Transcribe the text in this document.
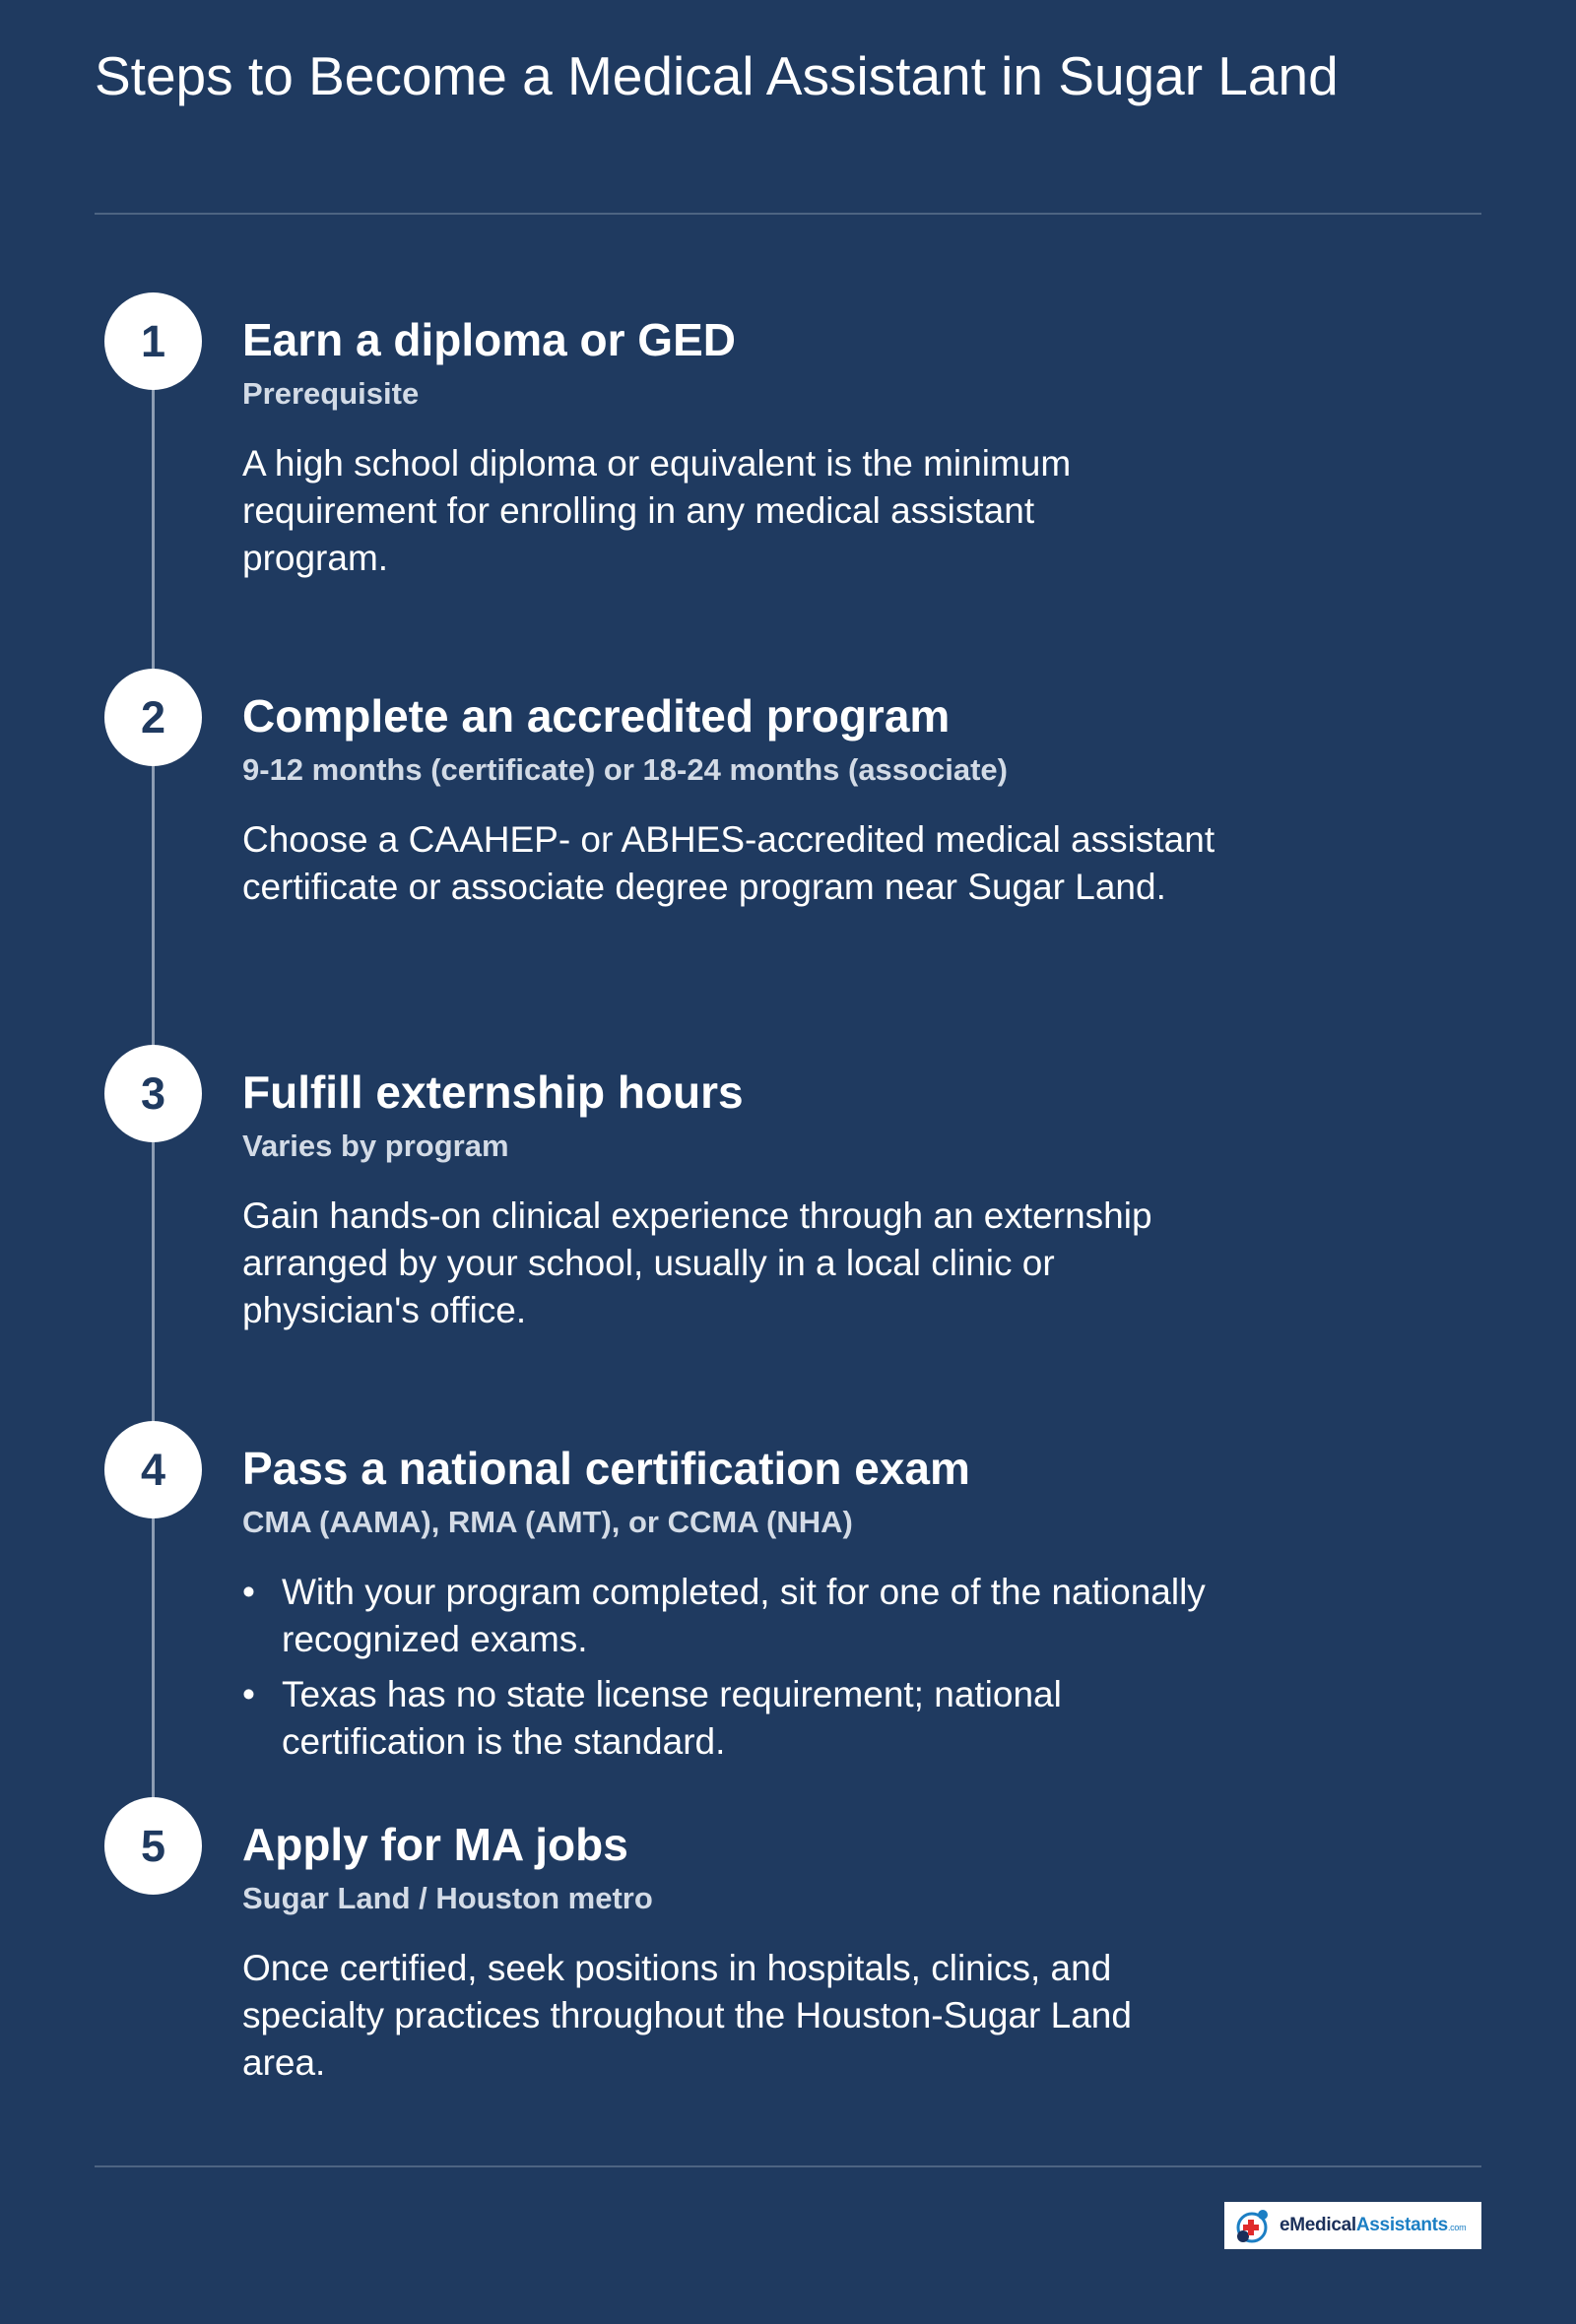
Steps to Become a Medical Assistant in Sugar Land
1	Earn a diploma or GED
Prerequisite

A high school diploma or equivalent is the minimum requirement for enrolling in any medical assistant program.

2	Complete an accredited program
9-12 months (certificate) or 18-24 months (associate)

Choose a CAAHEP- or ABHES-accredited medical assistant certificate or associate degree program near Sugar Land.

3	Fulfill externship hours
Varies by program

Gain hands-on clinical experience through an externship arranged by your school, usually in a local clinic or physician's office.

4	Pass a national certification exam
CMA (AAMA), RMA (AMT), or CCMA (NHA)
• With your program completed, sit for one of the nationally recognized exams.
• Texas has no state license requirement; national certification is the standard.
5	Apply for MA jobs
Sugar Land / Houston metro

Once certified, seek positions in hospitals, clinics, and specialty practices throughout the Houston-Sugar Land area.

eMedicalAssistants.com
